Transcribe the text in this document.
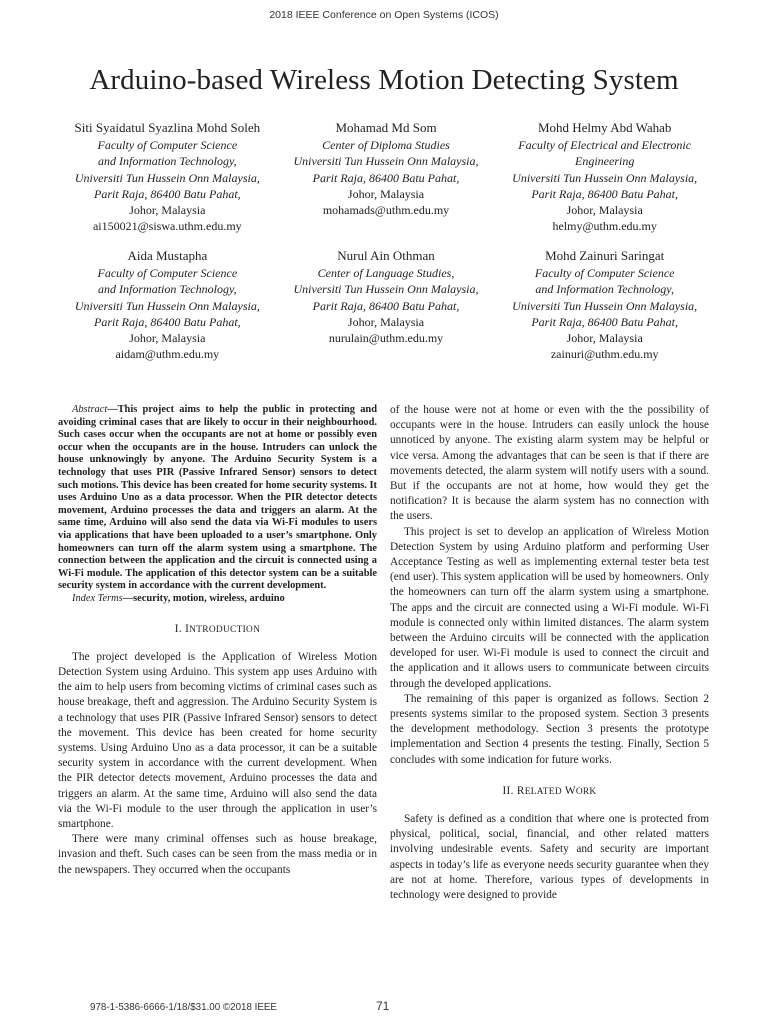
2018 IEEE Conference on Open Systems (ICOS)
Arduino-based Wireless Motion Detecting System
Siti Syaidatul Syazlina Mohd Soleh
Faculty of Computer Science
and Information Technology,
Universiti Tun Hussein Onn Malaysia,
Parit Raja, 86400 Batu Pahat,
Johor, Malaysia
ai150021@siswa.uthm.edu.my
Mohamad Md Som
Center of Diploma Studies
Universiti Tun Hussein Onn Malaysia,
Parit Raja, 86400 Batu Pahat,
Johor, Malaysia
mohamads@uthm.edu.my
Mohd Helmy Abd Wahab
Faculty of Electrical and Electronic
Engineering
Universiti Tun Hussein Onn Malaysia,
Parit Raja, 86400 Batu Pahat,
Johor, Malaysia
helmy@uthm.edu.my
Aida Mustapha
Faculty of Computer Science
and Information Technology,
Universiti Tun Hussein Onn Malaysia,
Parit Raja, 86400 Batu Pahat,
Johor, Malaysia
aidam@uthm.edu.my
Nurul Ain Othman
Center of Language Studies,
Universiti Tun Hussein Onn Malaysia,
Parit Raja, 86400 Batu Pahat,
Johor, Malaysia
nurulain@uthm.edu.my
Mohd Zainuri Saringat
Faculty of Computer Science
and Information Technology,
Universiti Tun Hussein Onn Malaysia,
Parit Raja, 86400 Batu Pahat,
Johor, Malaysia
zainuri@uthm.edu.my

Abstract—This project aims to help the public in protecting and avoiding criminal cases that are likely to occur in their neighbourhood. Such cases occur when the occupants are not at home or possibly even occur when the occupants are in the house. Intruders can unlock the house unknowingly by anyone. The Arduino Security System is a technology that uses PIR (Passive Infrared Sensor) sensors to detect such motions. This device has been created for home security systems. It uses Arduino Uno as a data processor. When the PIR detector detects movement, Arduino processes the data and triggers an alarm. At the same time, Arduino will also send the data via Wi-Fi modules to users via applications that have been uploaded to a user’s smartphone. Only homeowners can turn off the alarm system using a smartphone. The connection between the application and the circuit is connected using a Wi-Fi module. The application of this detector system can be a suitable security system in accordance with the current development.

Index Terms—security, motion, wireless, arduino

I. INTRODUCTION

The project developed is the Application of Wireless Motion Detection System using Arduino. This system app uses Arduino with the aim to help users from becoming victims of criminal cases such as house breakage, theft and aggression. The Arduino Security System is a technology that uses PIR (Passive Infrared Sensor) sensors to detect the movement. This device has been created for home security systems. Using Arduino Uno as a data processor, it can be a suitable security system in accordance with the current development. When the PIR detector detects movement, Arduino processes the data and triggers an alarm. At the same time, Arduino will also send the data via the Wi-Fi module to the user through the application in user’s smartphone.

There were many criminal offenses such as house breakage, invasion and theft. Such cases can be seen from the mass media or in the newspapers. They occurred when the occupants

of the house were not at home or even with the the possibility of occupants were in the house. Intruders can easily unlock the house unnoticed by anyone. The existing alarm system may be helpful or vice versa. Among the advantages that can be seen is that if there are movements detected, the alarm system will notify users with a sound. But if the occupants are not at home, how would they get the notification? It is because the alarm system has no connection with the users.

This project is set to develop an application of Wireless Motion Detection System by using Arduino platform and performing User Acceptance Testing as well as implementing external tester beta test (end user). This system application will be used by homeowners. Only the homeowners can turn off the alarm system using a smartphone. The apps and the circuit are connected using a Wi-Fi module. Wi-Fi module is connected only within limited distances. The alarm system between the Arduino circuits will be connected with the application developed for user. Wi-Fi module is used to connect the circuit and the application and it allows users to communicate between circuits through the developed applications.

The remaining of this paper is organized as follows. Section 2 presents systems similar to the proposed system. Section 3 presents the development methodology. Section 3 presents the prototype implementation and Section 4 presents the testing. Finally, Section 5 concludes with some indication for future works.

II. RELATED WORK

Safety is defined as a condition that where one is protected from physical, political, social, financial, and other related matters involving undesirable events. Safety and security are important aspects in today’s life as everyone needs security guarantee when they are not at home. Therefore, various types of developments in technology were designed to provide

978-1-5386-6666-1/18/$31.00 ©2018 IEEE	71
